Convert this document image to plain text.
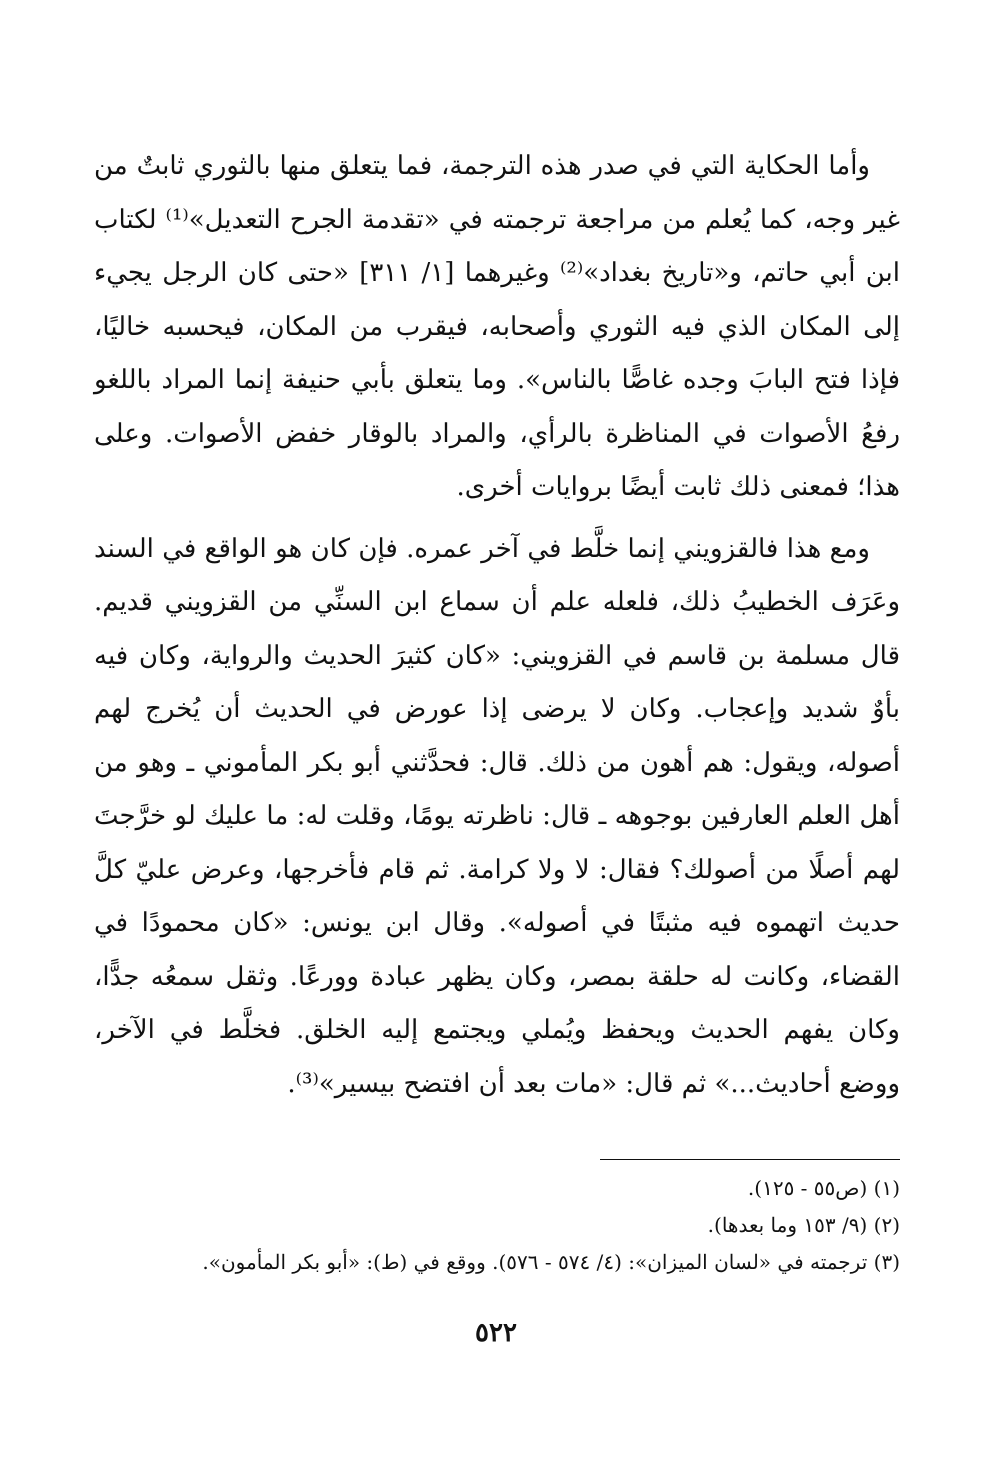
وأما الحكاية التي في صدر هذه الترجمة، فما يتعلق منها بالثوري ثابتٌ من غير وجه، كما يُعلم من مراجعة ترجمته في «تقدمة الجرح التعديل»⁽¹⁾ لكتاب ابن أبي حاتم، و«تاريخ بغداد»⁽²⁾ وغيرهما [١/ ٣١١] «حتى كان الرجل يجيء إلى المكان الذي فيه الثوري وأصحابه، فيقرب من المكان، فيحسبه خاليًا، فإذا فتح البابَ وجده غاصًّا بالناس». وما يتعلق بأبي حنيفة إنما المراد باللغو رفعُ الأصوات في المناظرة بالرأي، والمراد بالوقار خفض الأصوات. وعلى هذا؛ فمعنى ذلك ثابت أيضًا بروايات أخرى.

ومع هذا فالقزويني إنما خلَّط في آخر عمره. فإن كان هو الواقع في السند وعَرَف الخطيبُ ذلك، فلعله علم أن سماع ابن السنِّي من القزويني قديم. قال مسلمة بن قاسم في القزويني: «كان كثيرَ الحديث والرواية، وكان فيه بأوٌ شديد وإعجاب. وكان لا يرضى إذا عورض في الحديث أن يُخرج لهم أصوله، ويقول: هم أهون من ذلك. قال: فحدَّثني أبو بكر المأموني ـ وهو من أهل العلم العارفين بوجوهه ـ قال: ناظرته يومًا، وقلت له: ما عليك لو خرَّجتَ لهم أصلًا من أصولك؟ فقال: لا ولا كرامة. ثم قام فأخرجها، وعرض عليّ كلَّ حديث اتهموه فيه مثبتًا في أصوله». وقال ابن يونس: «كان محمودًا في القضاء، وكانت له حلقة بمصر، وكان يظهر عبادة وورعًا. وثقل سمعُه جدًّا، وكان يفهم الحديث ويحفظ ويُملي ويجتمع إليه الخلق. فخلَّط في الآخر، ووضع أحاديث...» ثم قال: «مات بعد أن افتضح بيسير»⁽³⁾.

(١) (ص٥٥ - ١٢٥).

(٢) (٩/ ١٥٣ وما بعدها).

(٣) ترجمته في «لسان الميزان»: (٤/ ٥٧٤ - ٥٧٦). ووقع في (ط): «أبو بكر المأمون».

٥٢٢
